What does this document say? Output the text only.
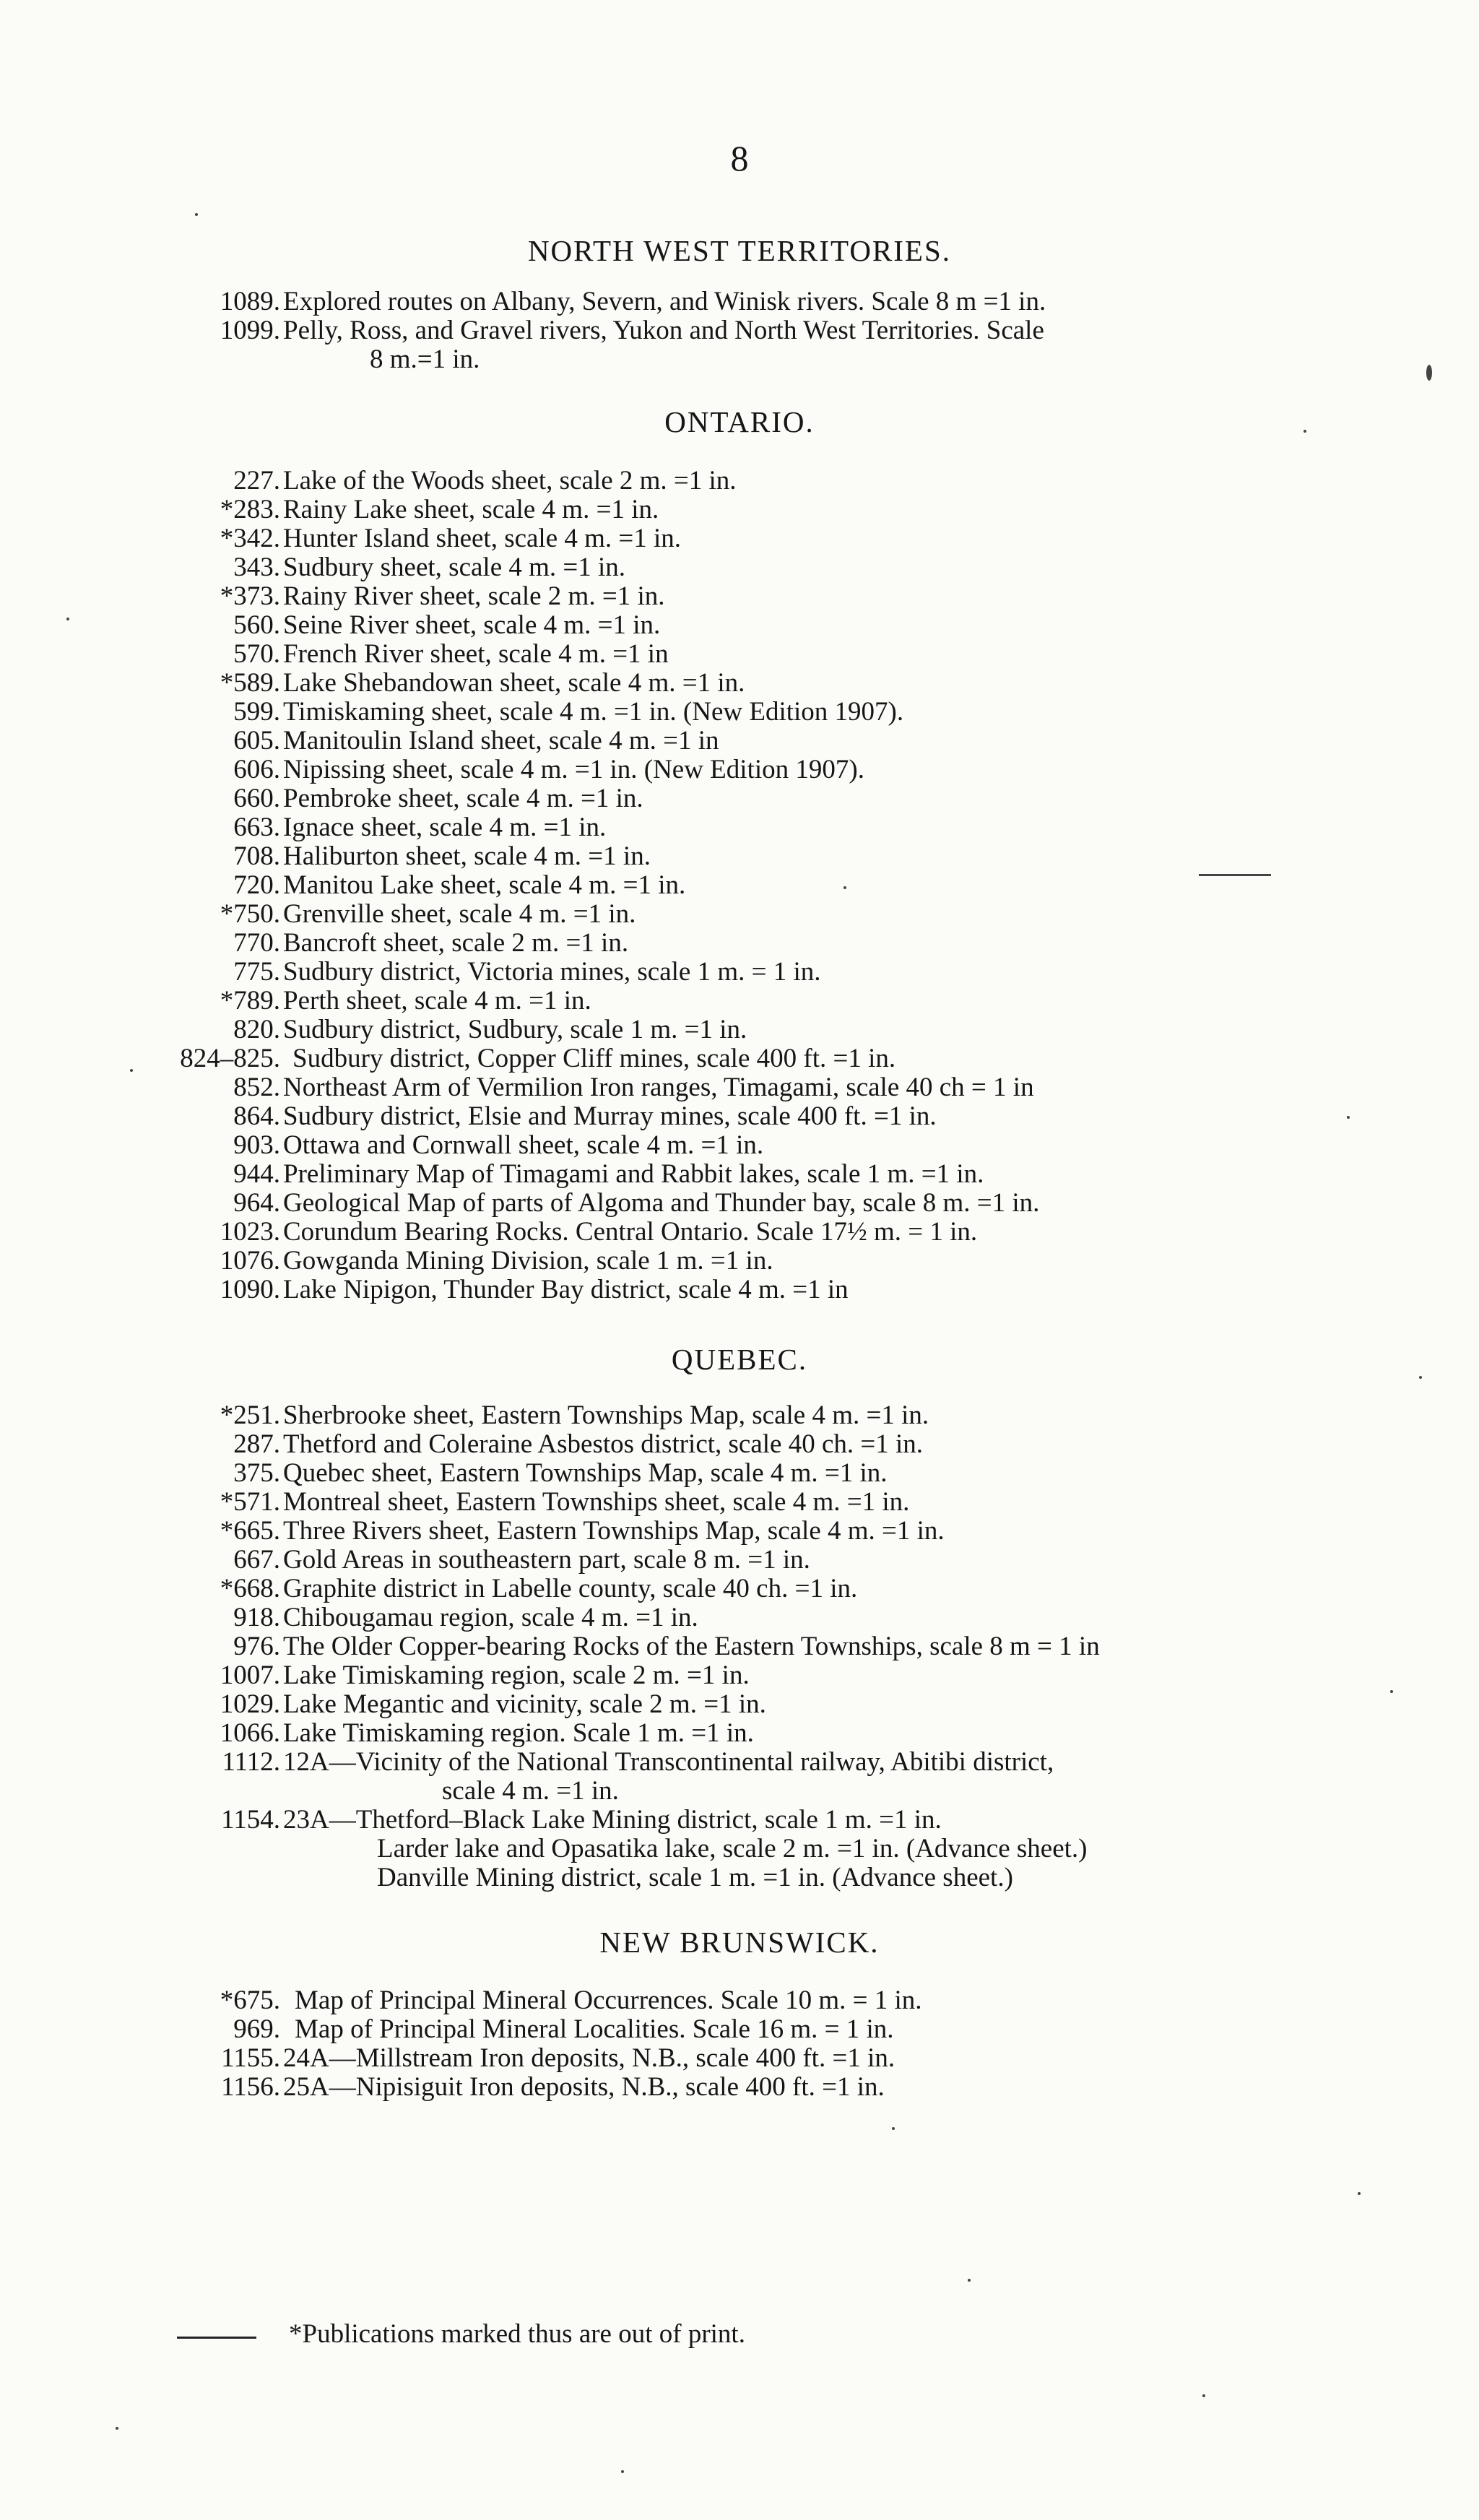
8
NORTH WEST TERRITORIES.
1089. Explored routes on Albany, Severn, and Winisk rivers. Scale 8 m =1 in.
1099. Pelly, Ross, and Gravel rivers, Yukon and North West Territories. Scale
8 m.=1 in.
ONTARIO.
227. Lake of the Woods sheet, scale 2 m. =1 in.
*283. Rainy Lake sheet, scale 4 m. =1 in.
*342. Hunter Island sheet, scale 4 m. =1 in.
343. Sudbury sheet, scale 4 m. =1 in.
*373. Rainy River sheet, scale 2 m. =1 in.
560. Seine River sheet, scale 4 m. =1 in.
570. French River sheet, scale 4 m. =1 in
*589. Lake Shebandowan sheet, scale 4 m. =1 in.
599. Timiskaming sheet, scale 4 m. =1 in. (New Edition 1907).
605. Manitoulin Island sheet, scale 4 m. =1 in
606. Nipissing sheet, scale 4 m. =1 in. (New Edition 1907).
660. Pembroke sheet, scale 4 m. =1 in.
663. Ignace sheet, scale 4 m. =1 in.
708. Haliburton sheet, scale 4 m. =1 in.
720. Manitou Lake sheet, scale 4 m. =1 in.
*750. Grenville sheet, scale 4 m. =1 in.
770. Bancroft sheet, scale 2 m. =1 in.
775. Sudbury district, Victoria mines, scale 1 m. = 1 in.
*789. Perth sheet, scale 4 m. =1 in.
820. Sudbury district, Sudbury, scale 1 m. =1 in.
824–825. Sudbury district, Copper Cliff mines, scale 400 ft. =1 in.
852. Northeast Arm of Vermilion Iron ranges, Timagami, scale 40 ch = 1 in
864. Sudbury district, Elsie and Murray mines, scale 400 ft. =1 in.
903. Ottawa and Cornwall sheet, scale 4 m. =1 in.
944. Preliminary Map of Timagami and Rabbit lakes, scale 1 m. =1 in.
964. Geological Map of parts of Algoma and Thunder bay, scale 8 m. =1 in.
1023. Corundum Bearing Rocks. Central Ontario. Scale 17½ m. = 1 in.
1076. Gowganda Mining Division, scale 1 m. =1 in.
1090. Lake Nipigon, Thunder Bay district, scale 4 m. =1 in
QUEBEC.
*251. Sherbrooke sheet, Eastern Townships Map, scale 4 m. =1 in.
287. Thetford and Coleraine Asbestos district, scale 40 ch. =1 in.
375. Quebec sheet, Eastern Townships Map, scale 4 m. =1 in.
*571. Montreal sheet, Eastern Townships sheet, scale 4 m. =1 in.
*665. Three Rivers sheet, Eastern Townships Map, scale 4 m. =1 in.
667. Gold Areas in southeastern part, scale 8 m. =1 in.
*668. Graphite district in Labelle county, scale 40 ch. =1 in.
918. Chibougamau region, scale 4 m. =1 in.
976. The Older Copper-bearing Rocks of the Eastern Townships, scale 8 m = 1 in
1007. Lake Timiskaming region, scale 2 m. =1 in.
1029. Lake Megantic and vicinity, scale 2 m. =1 in.
1066. Lake Timiskaming region. Scale 1 m. =1 in.
1112. 12A—Vicinity of the National Transcontinental railway, Abitibi district,
scale 4 m. =1 in.
1154. 23A—Thetford–Black Lake Mining district, scale 1 m. =1 in.
Larder lake and Opasatika lake, scale 2 m. =1 in. (Advance sheet.)
Danville Mining district, scale 1 m. =1 in. (Advance sheet.)
NEW BRUNSWICK.
*675. Map of Principal Mineral Occurrences. Scale 10 m. = 1 in.
969. Map of Principal Mineral Localities. Scale 16 m. = 1 in.
1155. 24A—Millstream Iron deposits, N.B., scale 400 ft. =1 in.
1156. 25A—Nipisiguit Iron deposits, N.B., scale 400 ft. =1 in.
*Publications marked thus are out of print.
